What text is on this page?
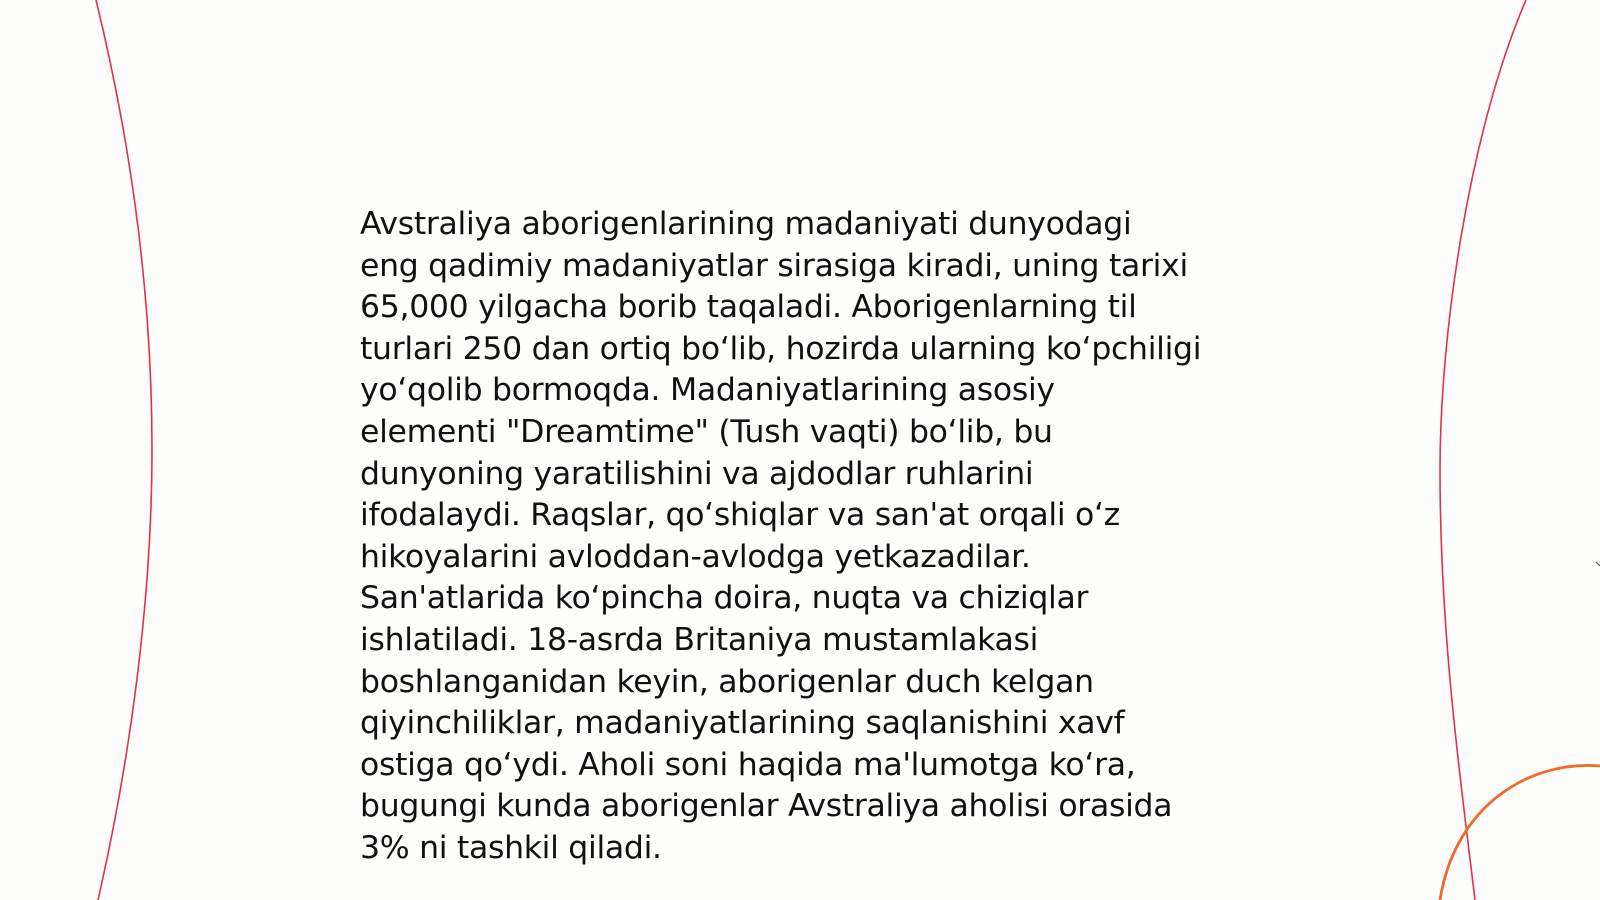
Avstraliya aborigenlarining madaniyati dunyodagi
eng qadimiy madaniyatlar sirasiga kiradi, uning tarixi
65,000 yilgacha borib taqaladi. Aborigenlarning til
turlari 250 dan ortiq bo‘lib, hozirda ularning ko‘pchiligi
yo‘qolib bormoqda. Madaniyatlarining asosiy
elementi "Dreamtime" (Tush vaqti) bo‘lib, bu
dunyoning yaratilishini va ajdodlar ruhlarini
ifodalaydi. Raqslar, qo‘shiqlar va san'at orqali o‘z
hikoyalarini avloddan-avlodga yetkazadilar.
San'atlarida ko‘pincha doira, nuqta va chiziqlar
ishlatiladi. 18-asrda Britaniya mustamlakasi
boshlanganidan keyin, aborigenlar duch kelgan
qiyinchiliklar, madaniyatlarining saqlanishini xavf
ostiga qo‘ydi. Aholi soni haqida ma'lumotga ko‘ra,
bugungi kunda aborigenlar Avstraliya aholisi orasida
3% ni tashkil qiladi.
